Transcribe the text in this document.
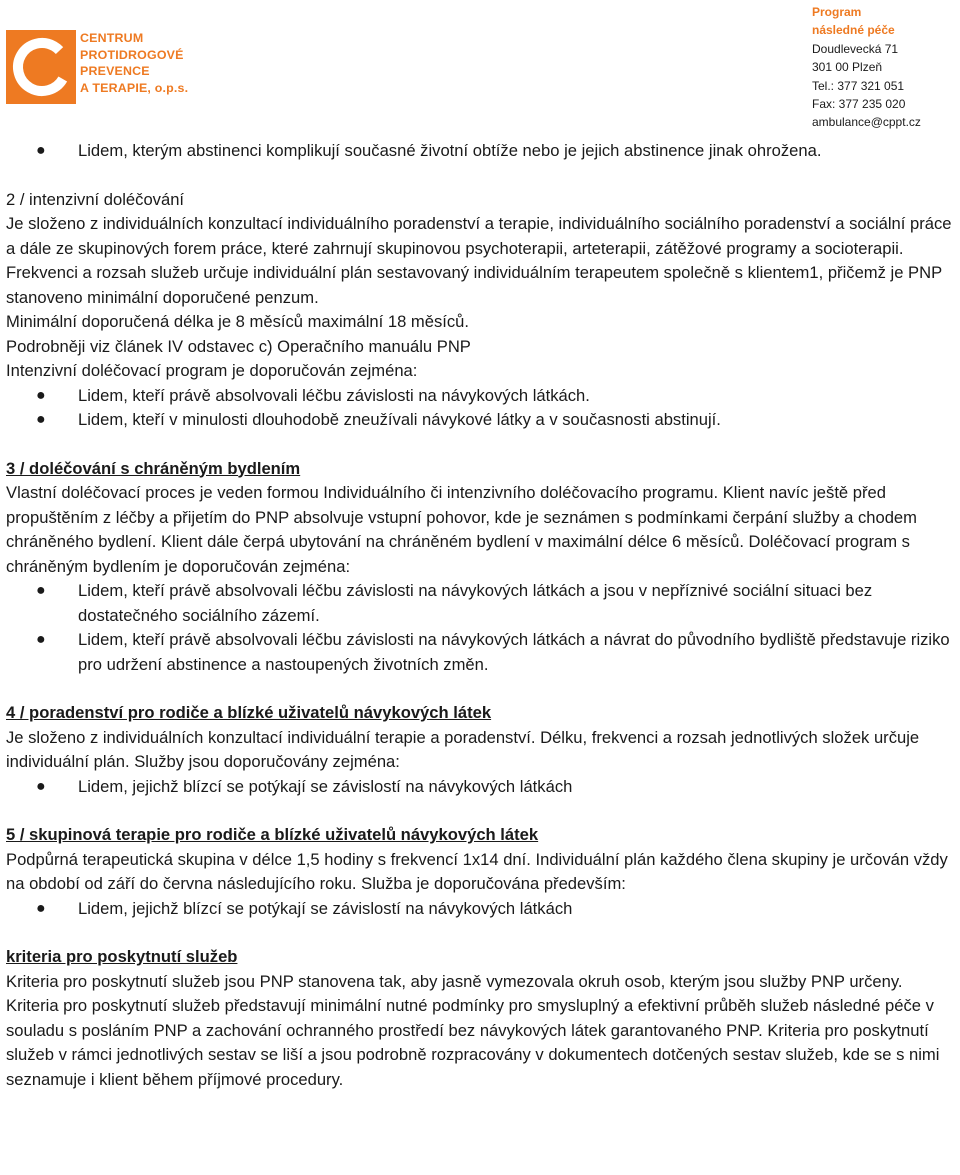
CENTRUM
PROTIDROGOVÉ
PREVENCE
A TERAPIE, o.p.s.
Program
následné péče
Doudlevecká 71
301 00 Plzeň
Tel.: 377 321 051
Fax: 377 235 020
ambulance@cppt.cz
● Lidem, kterým abstinenci komplikují současné životní obtíže nebo je jejich abstinence jinak ohrožena.
2 / intenzivní doléčování

Je složeno z individuálních konzultací individuálního poradenství a terapie, individuálního sociálního poradenství a sociální práce a dále ze skupinových forem práce, které zahrnují skupinovou psychoterapii, arteterapii, zátěžové programy a socioterapii. Frekvenci a rozsah služeb určuje individuální plán sestavovaný individuálním terapeutem společně s klientem1, přičemž je PNP stanoveno minimální doporučené penzum.

Minimální doporučená délka je 8 měsíců maximální 18 měsíců.

Podrobněji viz článek IV odstavec c) Operačního manuálu PNP

Intenzivní doléčovací program je doporučován zejména:

● Lidem, kteří právě absolvovali léčbu závislosti na návykových látkách.
● Lidem, kteří v minulosti dlouhodobě zneužívali návykové látky a v současnosti abstinují.
3 / doléčování s chráněným bydlením

Vlastní doléčovací proces je veden formou Individuálního či intenzivního doléčovacího programu. Klient navíc ještě před propuštěním z léčby a přijetím do PNP absolvuje vstupní pohovor, kde je seznámen s podmínkami čerpání služby a chodem chráněného bydlení. Klient dále čerpá ubytování na chráněném bydlení v maximální délce 6 měsíců. Doléčovací program s chráněným bydlením je doporučován zejména:

● Lidem, kteří právě absolvovali léčbu závislosti na návykových látkách a jsou v nepříznivé sociální situaci bez dostatečného sociálního zázemí.
● Lidem, kteří právě absolvovali léčbu závislosti na návykových látkách a návrat do původního bydliště představuje riziko pro udržení abstinence a nastoupených životních změn.
4 / poradenství pro rodiče a blízké uživatelů návykových látek

Je složeno z individuálních konzultací individuální terapie a poradenství. Délku, frekvenci a rozsah jednotlivých složek určuje individuální plán. Služby jsou doporučovány zejména:

● Lidem, jejichž blízcí se potýkají se závislostí na návykových látkách
5 / skupinová terapie pro rodiče a blízké uživatelů návykových látek

Podpůrná terapeutická skupina v délce 1,5 hodiny s frekvencí 1x14 dní. Individuální plán každého člena skupiny je určován vždy na období od září do června následujícího roku. Služba je doporučována především:

● Lidem, jejichž blízcí se potýkají se závislostí na návykových látkách
kriteria pro poskytnutí služeb

Kriteria pro poskytnutí služeb jsou PNP stanovena tak, aby jasně vymezovala okruh osob, kterým jsou služby PNP určeny. Kriteria pro poskytnutí služeb představují minimální nutné podmínky pro smysluplný a efektivní průběh služeb následné péče v souladu s posláním PNP a zachování ochranného prostředí bez návykových látek garantovaného PNP. Kriteria pro poskytnutí služeb v rámci jednotlivých sestav se liší a jsou podrobně rozpracovány v dokumentech dotčených sestav služeb, kde se s nimi seznamuje i klient během příjmové procedury.
